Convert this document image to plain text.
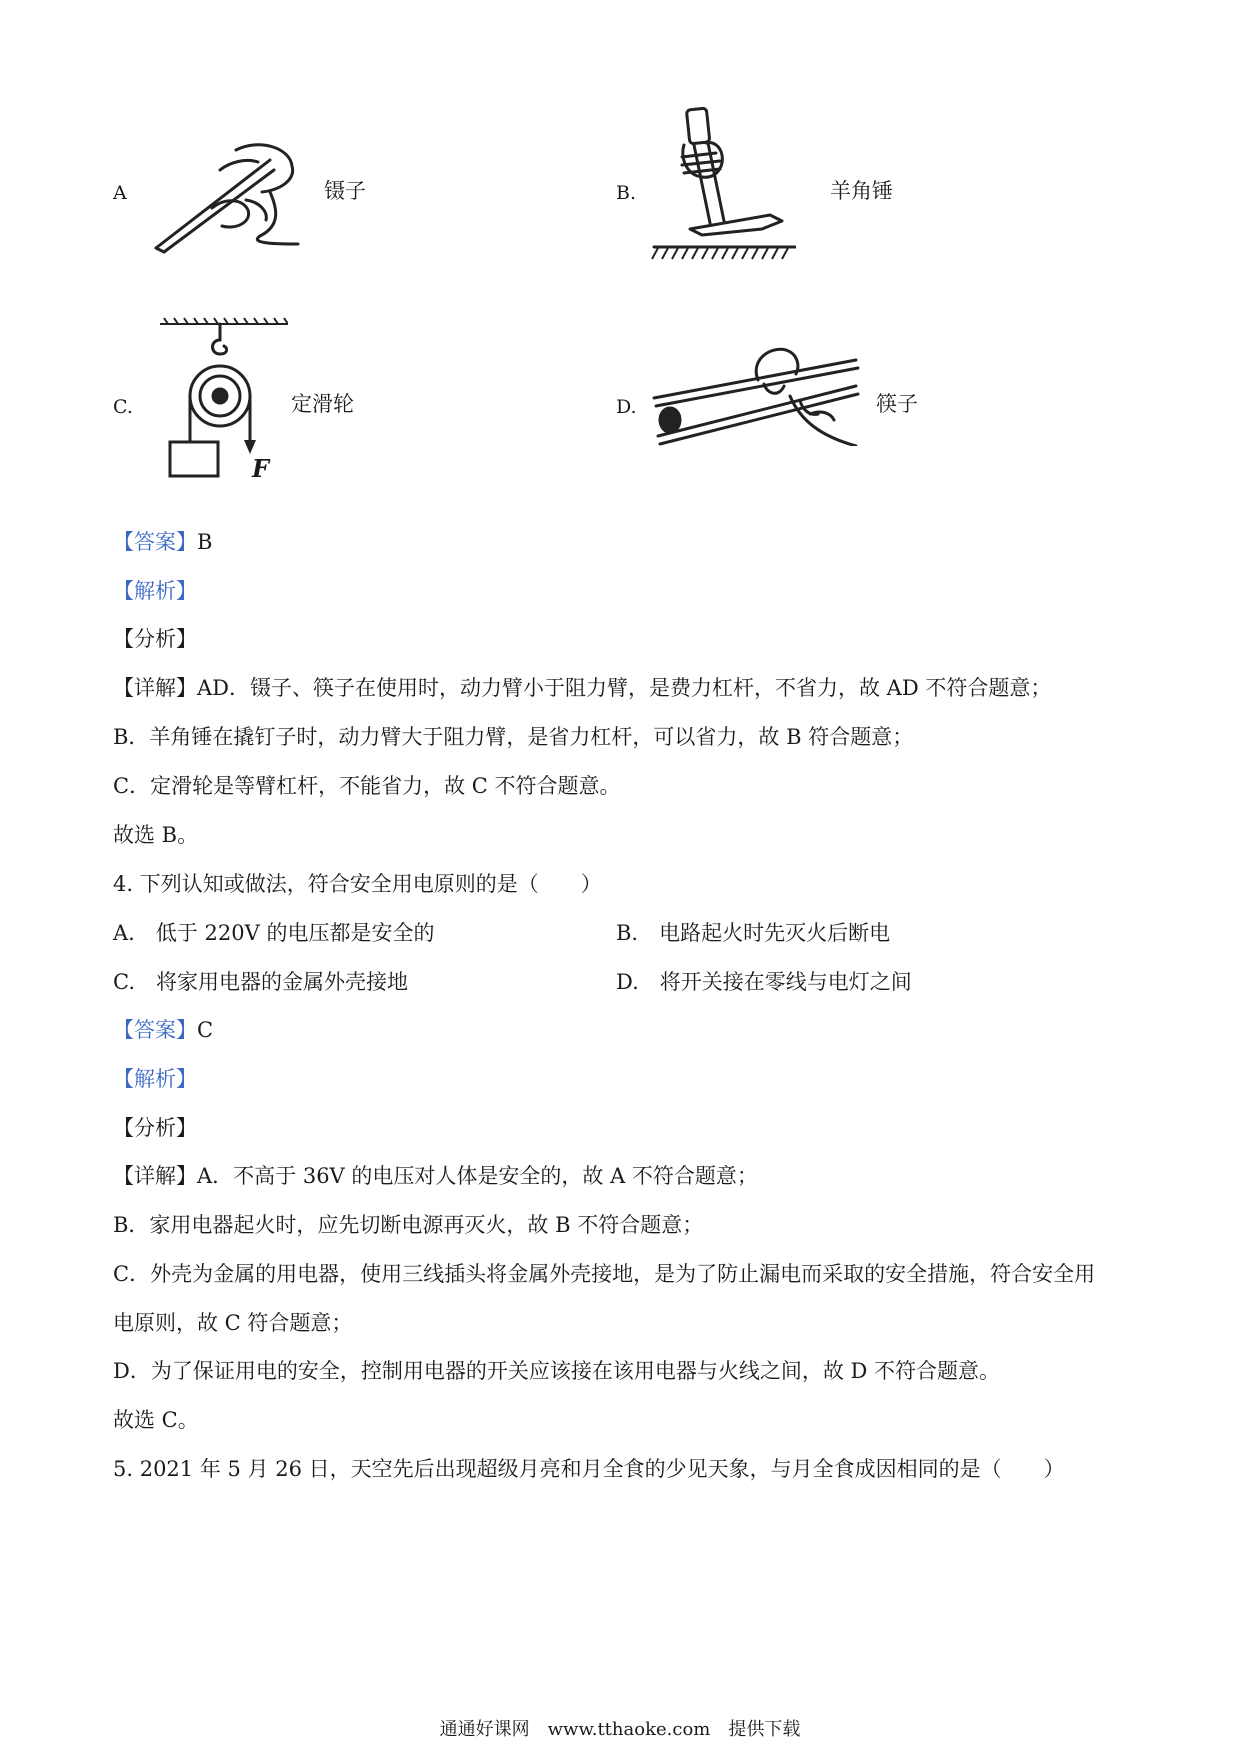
A	镊子	B.	羊角锤
C.
F
定滑轮	D.	筷子
【答案】B
【解析】
【分析】
【详解】AD．镊子、筷子在使用时，动力臂小于阻力臂，是费力杠杆，不省力，故 AD 不符合题意；
B．羊角锤在撬钉子时，动力臂大于阻力臂，是省力杠杆，可以省力，故 B 符合题意；
C．定滑轮是等臂杠杆，不能省力，故 C 不符合题意。
故选 B。
4. 下列认知或做法，符合安全用电原则的是（　　）
A.　 低于 220V 的电压都是安全的	B.　 电路起火时先灭火后断电
C.　 将家用电器的金属外壳接地	D.　 将开关接在零线与电灯之间
【答案】C
【解析】
【分析】
【详解】A．不高于 36V 的电压对人体是安全的，故 A 不符合题意；
B．家用电器起火时，应先切断电源再灭火，故 B 不符合题意；
C．外壳为金属的用电器，使用三线插头将金属外壳接地，是为了防止漏电而采取的安全措施，符合安全用
电原则，故 C 符合题意；
D．为了保证用电的安全，控制用电器的开关应该接在该用电器与火线之间，故 D 不符合题意。
故选 C。
5. 2021 年 5 月 26 日，天空先后出现超级月亮和月全食的少见天象，与月全食成因相同的是（　　）
通通好课网　www.tthaoke.com　提供下载
